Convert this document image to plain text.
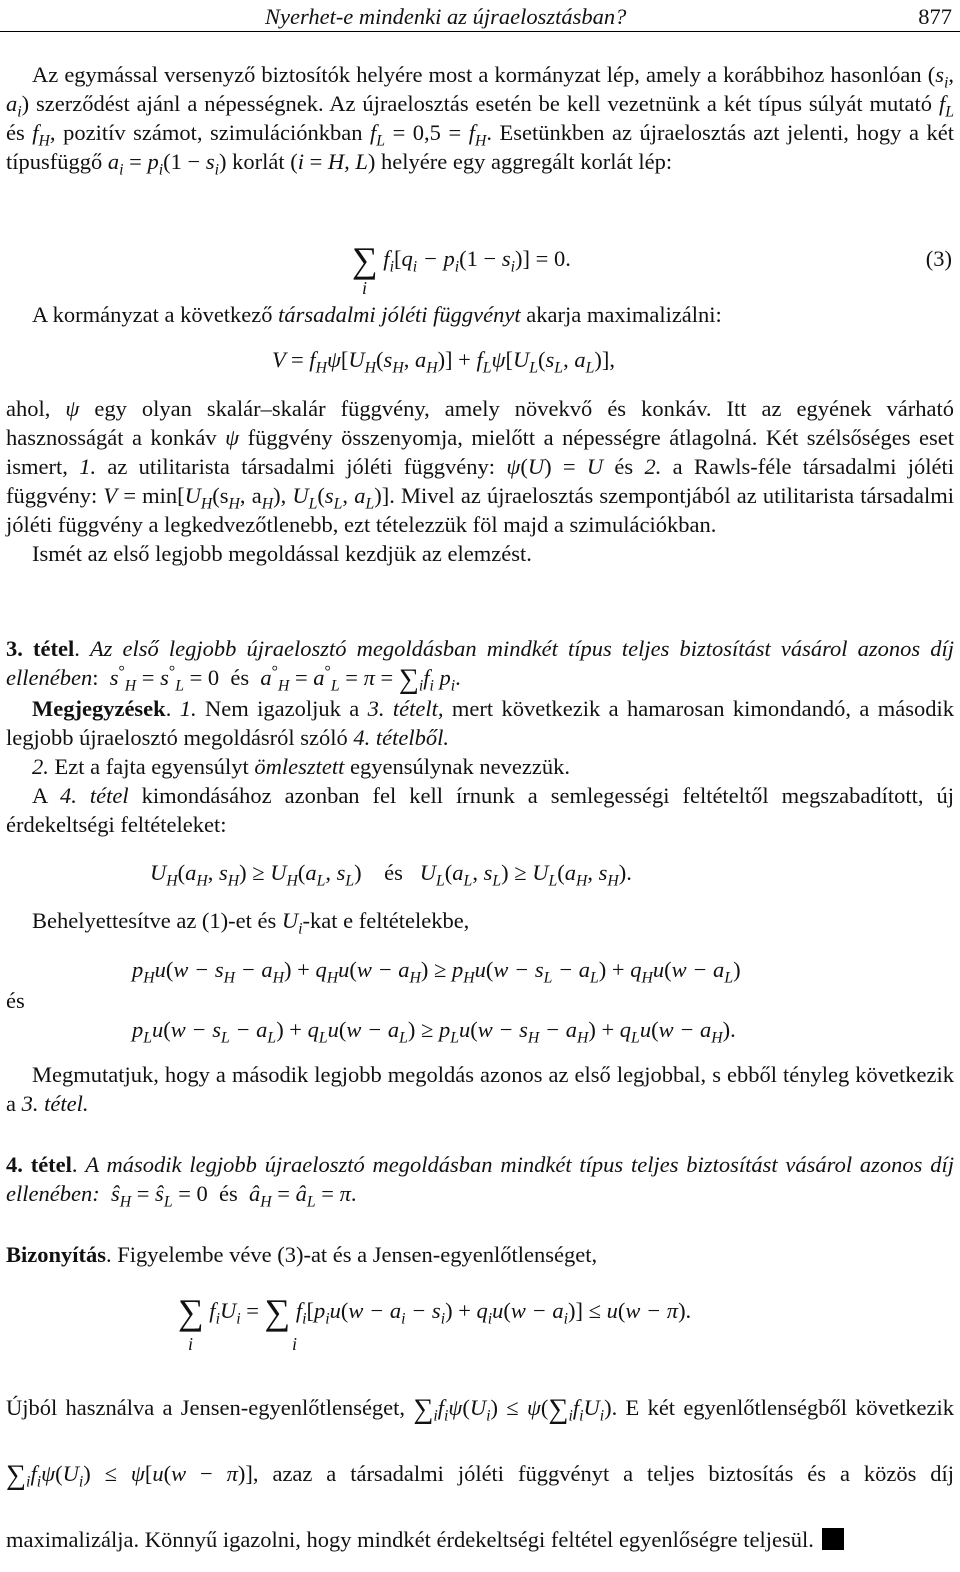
Nyerhet-e mindenki az újraelosztásban?	877

Az egymással versenyző biztosítók helyére most a kormányzat lép, amely a korábbihoz hasonlóan ($s_i$, $a_i$) szerződést ajánl a népességnek. Az újraelosztás esetén be kell vezetnünk a két típus súlyát mutató $f_L$ és $f_H$, pozitív számot, szimulációnkban $f_L = 0,5 = f_H$. Esetünkben az újraelosztás azt jelenti, hogy a két típusfüggő $a_i = p_i(1 - s_i)$ korlát (i = H, L) helyére egy aggregált korlát lép:

∑ $f_i[q_i - p_i(1 - s_i)] = 0$.
i
(3)

A kormányzat a következő társadalmi jóléti függvényt akarja maximalizálni:

$V = f_H\psi[U_H(s_H$, $a_H)] + f_L\psi[U_L(s_L$, $a_L$)],

ahol, ψ egy olyan skalár–skalár függvény, amely növekvő és konkáv. Itt az egyének várható hasznosságát a konkáv ψ függvény összenyomja, mielőtt a népességre átlagolná. Két szélsőséges eset ismert, 1. az utilitarista társadalmi jóléti függvény: ψ(U) = U és 2. a Rawls-féle társadalmi jóléti függvény: $V = \min[U_H(s_H$, $a_H$), $U_L(s_L$, $a_L$)]. Mivel az újraelosztás szempontjából az utilitarista társadalmi jóléti függvény a legkedvezőtlenebb, ezt tételezzük föl majd a szimulációkban.

Ismét az első legjobb megoldással kezdjük az elemzést.

3. tétel. Az első legjobb újraelosztó megoldásban mindkét típus teljes biztosítást vásárol azonos díj ellenében:  $s^\circ_H = s^\circ_L = 0$  és  $a^\circ_H = a^\circ_L = \pi = \sum_if_i$ $p_i$.

Megjegyzések. 1. Nem igazoljuk a 3. tételt, mert következik a hamarosan kimondandó, a második legjobb újraelosztó megoldásról szóló 4. tételből.

2. Ezt a fajta egyensúlyt ömlesztett egyensúlynak nevezzük.

A 4. tétel kimondásához azonban fel kell írnunk a semlegességi feltételtől megszabadított, új érdekeltségi feltételeket:

$U_H(a_H$, $s_H) \ge U_H(a_L$, $s_L$)    és   $U_L(a_L$, $s_L) \ge U_L(a_H$, $s_H$).

Behelyettesítve az (1)-et és $U_i$-kat e feltételekbe,

$p_Hu(w - s_H - a_H) + q_Hu(w - a_H) \ge p_Hu(w - s_L - a_L) + q_Hu(w - a_L)$
és
$p_Lu(w - s_L - a_L) + q_Lu(w - a_L) \ge p_Lu(w - s_H - a_H) + q_Lu(w - a_H)$.

Megmutatjuk, hogy a második legjobb megoldás azonos az első legjobbal, s ebből tényleg következik a 3. tétel.

4. tétel. A második legjobb újraelosztó megoldásban mindkét típus teljes biztosítást vásárol azonos díj ellenében: $ŝ_H$ = $ŝ_L = 0$  és  $â_H$ = $â_L = \pi$.

Bizonyítás. Figyelembe véve (3)-at és a Jensen-egyenlőtlenséget,

∑ $f_iU_i$ = ∑ $f_i[p_iu(w - a_i - s_i) + q_iu(w - a_i)] \le u(w - \pi)$.
i	i

Újból használva a Jensen-egyenlőtlenséget, $\sum_if_i\psi(U_i) \le \psi(\sum_if_iU_i)$. E két egyenlőtlenségből következik $\sum_if_i\psi(U_i) \le \psi[u(w - \pi)]$, azaz a társadalmi jóléti függvényt a teljes biztosítás és a közös díj maximalizálja. Könnyű igazolni, hogy mindkét érdekeltségi feltétel egyenlőségre teljesül.
